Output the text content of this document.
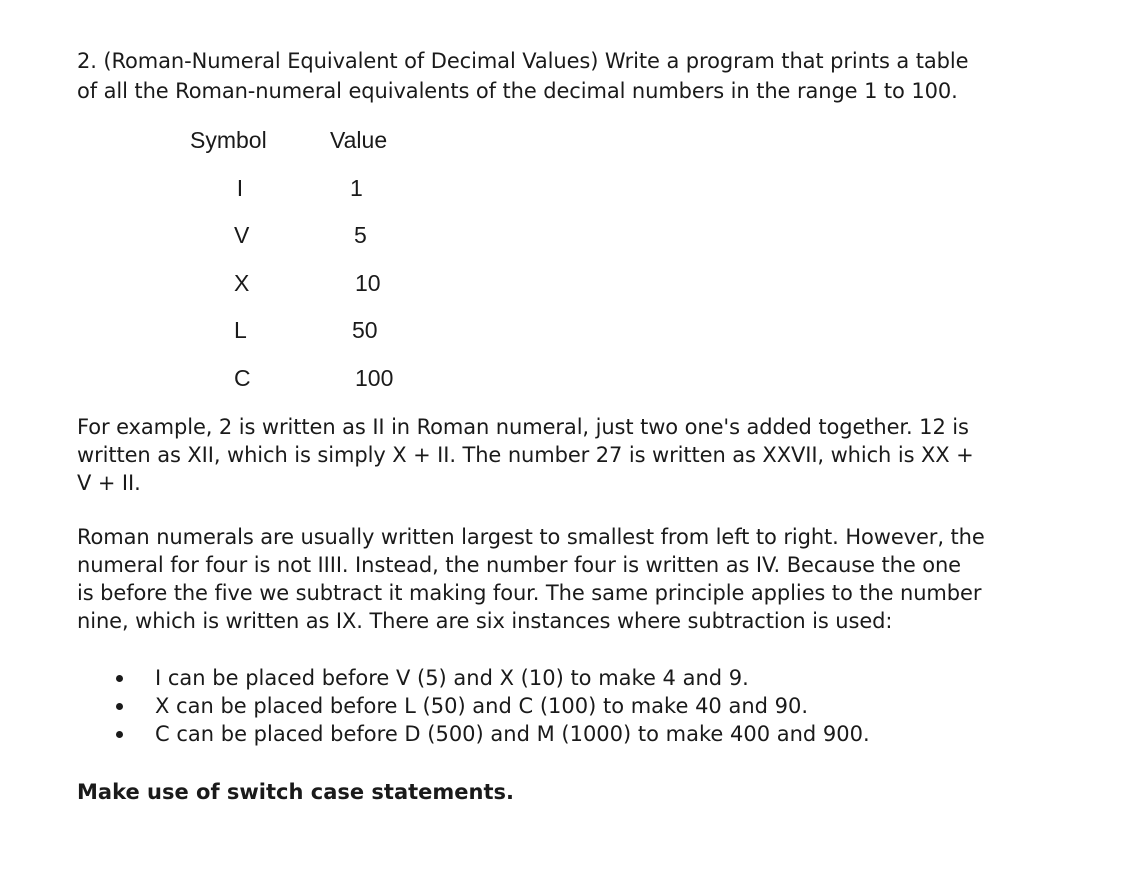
2. (Roman-Numeral Equivalent of Decimal Values) Write a program that prints a table

of all the Roman-numeral equivalents of the decimal numbers in the range 1 to 100.

Symbol	Value
I	1
V	5
X	10
L	50
C	100

For example, 2 is written as II in Roman numeral, just two one's added together. 12 is

written as XII, which is simply X + II. The number 27 is written as XXVII, which is XX +

V + II.

Roman numerals are usually written largest to smallest from left to right. However, the

numeral for four is not IIII. Instead, the number four is written as IV. Because the one

is before the five we subtract it making four. The same principle applies to the number

nine, which is written as IX. There are six instances where subtraction is used:

I can be placed before V (5) and X (10) to make 4 and 9.
X can be placed before L (50) and C (100) to make 40 and 90.
C can be placed before D (500) and M (1000) to make 400 and 900.
Make use of switch case statements.
